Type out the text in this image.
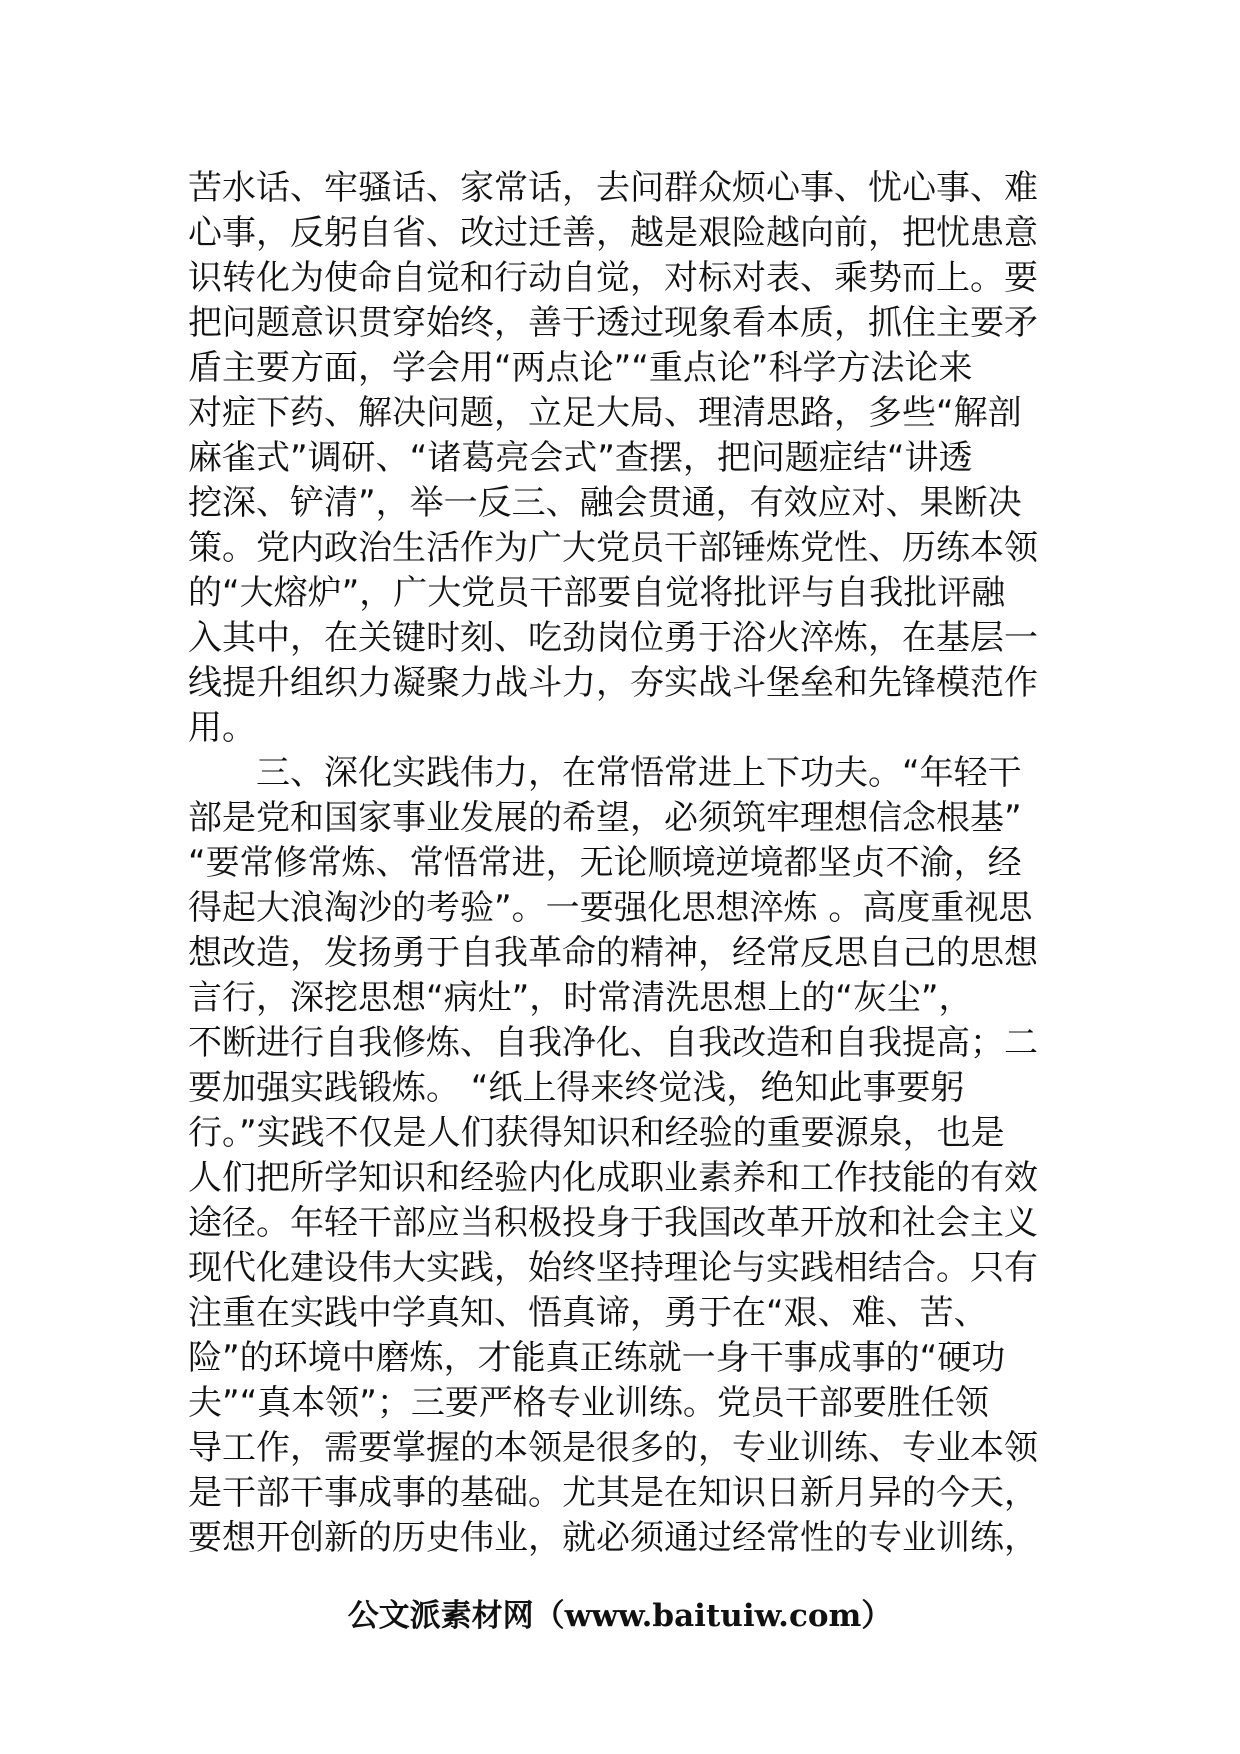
苦水话、牢骚话、家常话，去问群众烦心事、忧心事、难
心事，反躬自省、改过迁善，越是艰险越向前，把忧患意
识转化为使命自觉和行动自觉，对标对表、乘势而上。要
把问题意识贯穿始终，善于透过现象看本质，抓住主要矛
盾主要方面，学会用“两点论”“重点论”科学方法论来
对症下药、解决问题，立足大局、理清思路，多些“解剖
麻雀式”调研、“诸葛亮会式”查摆，把问题症结“讲透
挖深、铲清”，举一反三、融会贯通，有效应对、果断决
策。党内政治生活作为广大党员干部锤炼党性、历练本领
的“大熔炉”，广大党员干部要自觉将批评与自我批评融
入其中，在关键时刻、吃劲岗位勇于浴火淬炼，在基层一
线提升组织力凝聚力战斗力，夯实战斗堡垒和先锋模范作
用。
　　三、深化实践伟力，在常悟常进上下功夫。“年轻干
部是党和国家事业发展的希望，必须筑牢理想信念根基”
“要常修常炼、常悟常进，无论顺境逆境都坚贞不渝，经
得起大浪淘沙的考验”。一要强化思想淬炼 。高度重视思
想改造，发扬勇于自我革命的精神，经常反思自己的思想
言行，深挖思想“病灶”，时常清洗思想上的“灰尘”，
不断进行自我修炼、自我净化、自我改造和自我提高；二
要加强实践锻炼。 “纸上得来终觉浅，绝知此事要躬
行。”实践不仅是人们获得知识和经验的重要源泉，也是
人们把所学知识和经验内化成职业素养和工作技能的有效
途径。年轻干部应当积极投身于我国改革开放和社会主义
现代化建设伟大实践，始终坚持理论与实践相结合。只有
注重在实践中学真知、悟真谛，勇于在“艰、难、苦、
险”的环境中磨炼，才能真正练就一身干事成事的“硬功
夫”“真本领”；三要严格专业训练。党员干部要胜任领
导工作，需要掌握的本领是很多的，专业训练、专业本领
是干部干事成事的基础。尤其是在知识日新月异的今天，
要想开创新的历史伟业，就必须通过经常性的专业训练，
公文派素材网（www.baituiw.com）
